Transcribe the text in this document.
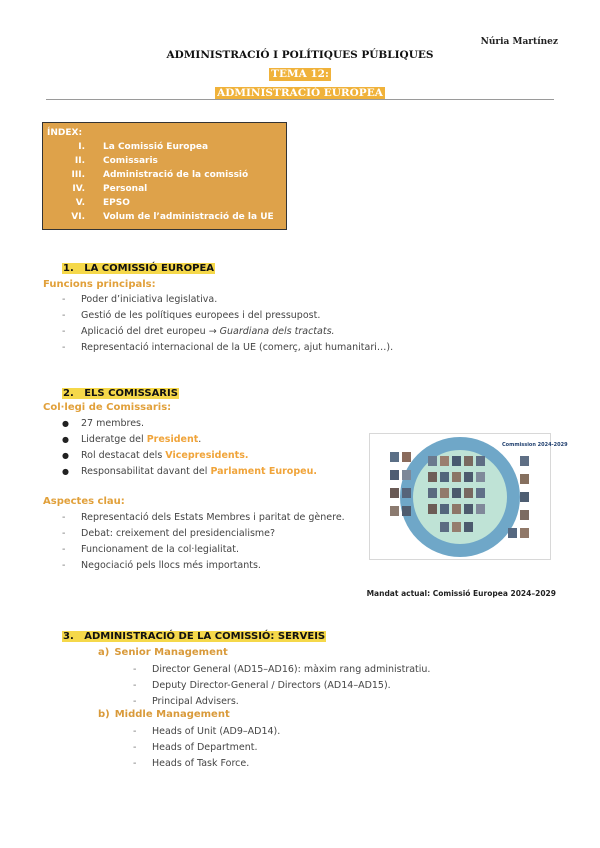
Núria Martínez
ADMINISTRACIÓ I POLÍTIQUES PÚBLIQUES
TEMA 12:
ADMINISTRACIÓ EUROPEA
ÍNDEX:
I.	La Comissió Europea
II.	Comissaris
III.	Administració de la comissió
IV.	Personal
V.	EPSO
VI.	Volum de l’administració de la UE
1. LA COMISSIÓ EUROPEA
Funcions principals:
- Poder d’iniciativa legislativa.
- Gestió de les polítiques europees i del pressupost.
- Aplicació del dret europeu → Guardiana dels tractats.
- Representació internacional de la UE (comerç, ajut humanitari…).
2. ELS COMISSARIS
Col·legi de Comissaris:
● 27 membres.
● Lideratge del President.
● Rol destacat dels Vicepresidents.
● Responsabilitat davant del Parlament Europeu.
Aspectes clau:
- Representació dels Estats Membres i paritat de gènere.
- Debat: creixement del presidencialisme?
- Funcionament de la col·legialitat.
- Negociació pels llocs més importants.
Commission 2024-2029
Mandat actual: Comissió Europea 2024–2029
3. ADMINISTRACIÓ DE LA COMISSIÓ: SERVEIS
a) Senior Management
- Director General (AD15–AD16): màxim rang administratiu.
- Deputy Director-General / Directors (AD14–AD15).
- Principal Advisers.
b) Middle Management
- Heads of Unit (AD9–AD14).
- Heads of Department.
- Heads of Task Force.
